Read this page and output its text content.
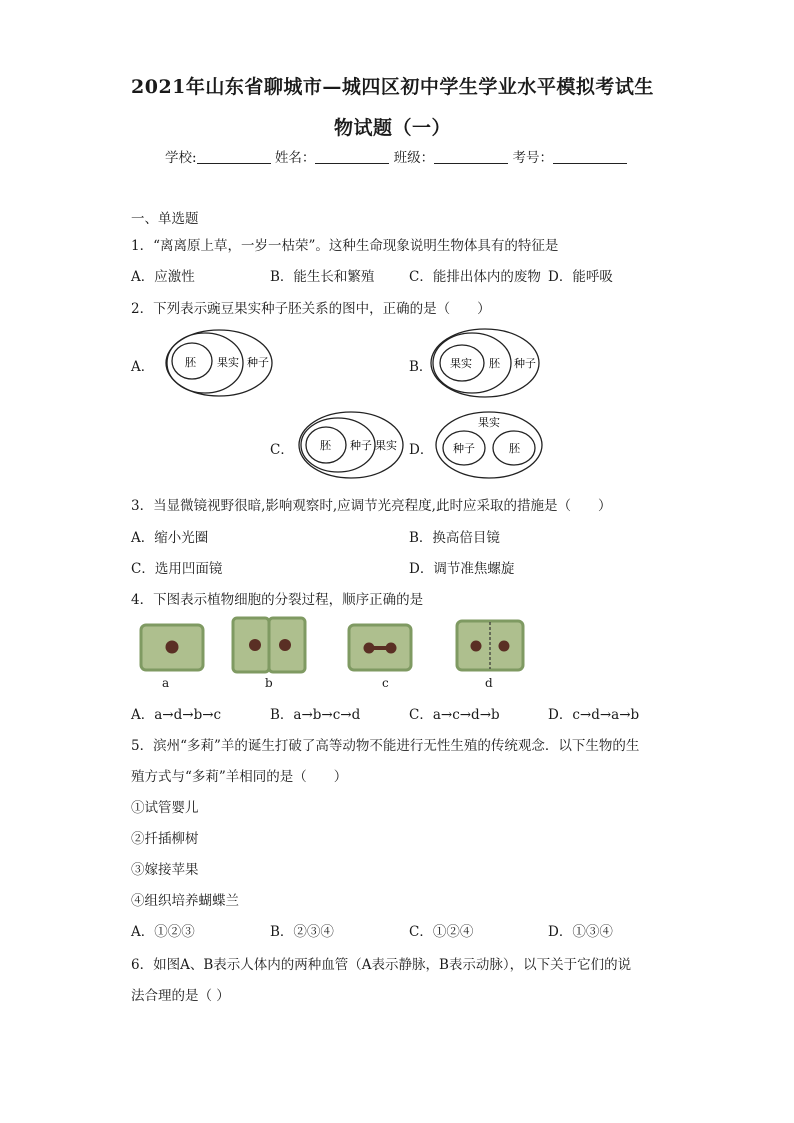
2021年山东省聊城市—城四区初中学生学业水平模拟考试生
物试题（一）
学校:	姓名：	班级：	考号：
一、单选题
1．“离离原上草，一岁一枯荣”。这种生命现象说明生物体具有的特征是
A．应激性	B．能生长和繁殖	C．能排出体内的废物 D．能呼吸
2．下列表示豌豆果实种子胚关系的图中，正确的是（　　）
A．	胚 果实 种子	B． 果实 胚 种子
C． 胚 种子 果实 D．
果实
种子	胚
3．当显微镜视野很暗,影响观察时,应调节光亮程度,此时应采取的措施是（　　）
A．缩小光圈	B．换高倍目镜
C．选用凹面镜	D．调节准焦螺旋
4．下图表示植物细胞的分裂过程，顺序正确的是
a	b	c	d
A．a→d→b→c	B．a→b→c→d	C．a→c→d→b	D．c→d→a→b
5．滨州“多莉”羊的诞生打破了高等动物不能进行无性生殖的传统观念．以下生物的生
殖方式与“多莉”羊相同的是（　　）
①试管婴儿
②扦插柳树
③嫁接苹果
④组织培养蝴蝶兰
A．①②③	B．②③④	C．①②④	D．①③④
6．如图A、B表示人体内的两种血管（A表示静脉，B表示动脉），以下关于它们的说
法合理的是（ ）
